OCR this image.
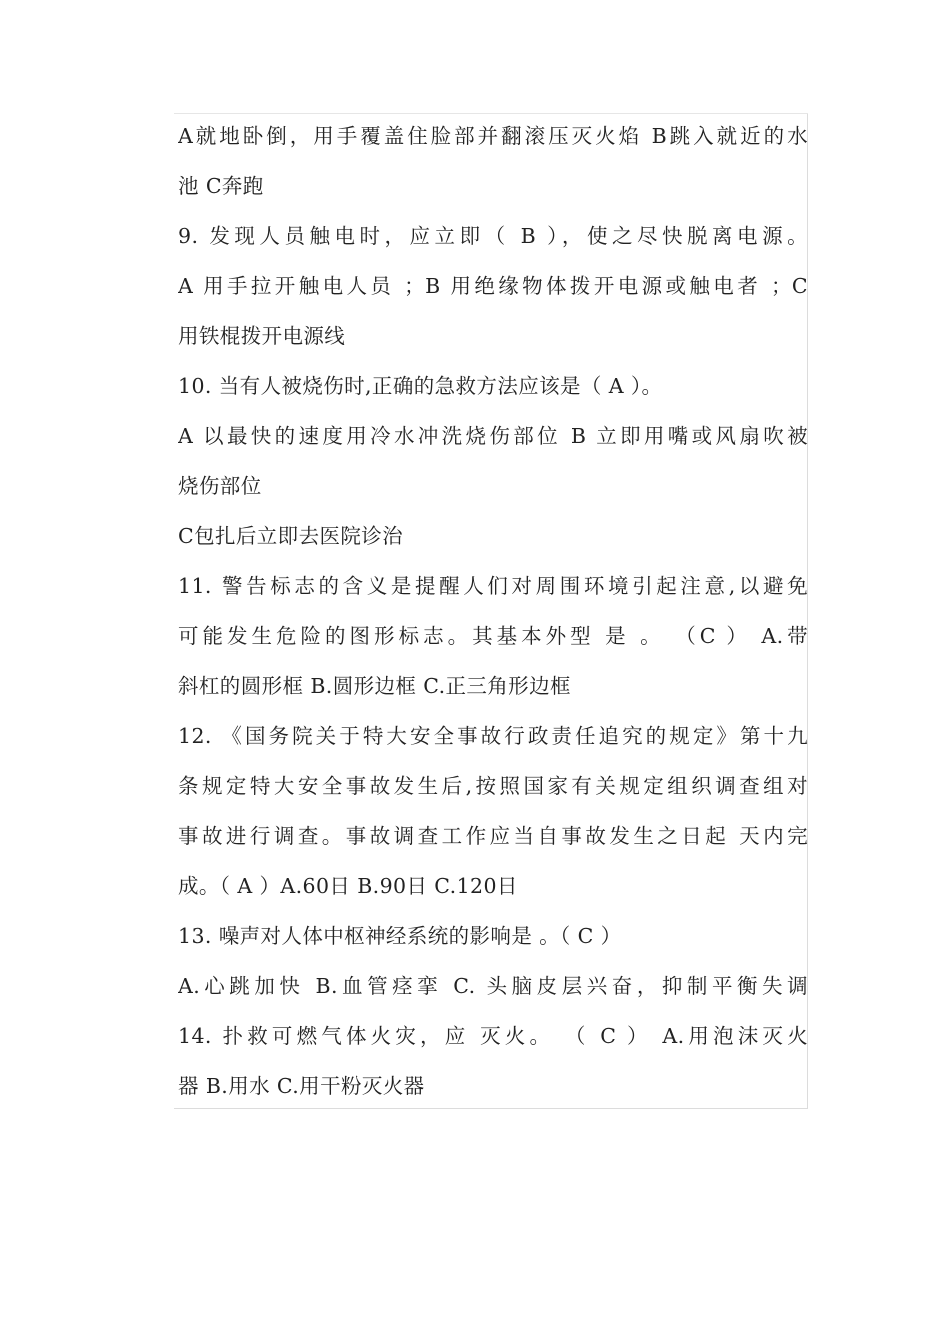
A就地卧倒，用手覆盖住脸部并翻滚压灭火焰 B跳入就近的水
池 C奔跑
9. 发现人员触电时，应立即（ B ），使之尽快脱离电源。
A 用手拉开触电人员 ；B 用绝缘物体拨开电源或触电者 ；C
用铁棍拨开电源线
10. 当有人被烧伤时,正确的急救方法应该是（ A ）。
A 以最快的速度用冷水冲洗烧伤部位 B 立即用嘴或风扇吹被
烧伤部位
C包扎后立即去医院诊治
11. 警告标志的含义是提醒人们对周围环境引起注意,以避免
可能发生危险的图形标志。其基本外型 是 。 （C ） A.带
斜杠的圆形框 B.圆形边框 C.正三角形边框
12. 《国务院关于特大安全事故行政责任追究的规定》第十九
条规定特大安全事故发生后,按照国家有关规定组织调查组对
事故进行调查。事故调查工作应当自事故发生之日起 天内完
成。（ A ）A.60日 B.90日 C.120日
13. 噪声对人体中枢神经系统的影响是 。（ C ）
A.心跳加快 B.血管痉挛 C. 头脑皮层兴奋，抑制平衡失调
14. 扑救可燃气体火灾，应 灭火。 （ C ） A.用泡沫灭火
器 B.用水 C.用干粉灭火器
